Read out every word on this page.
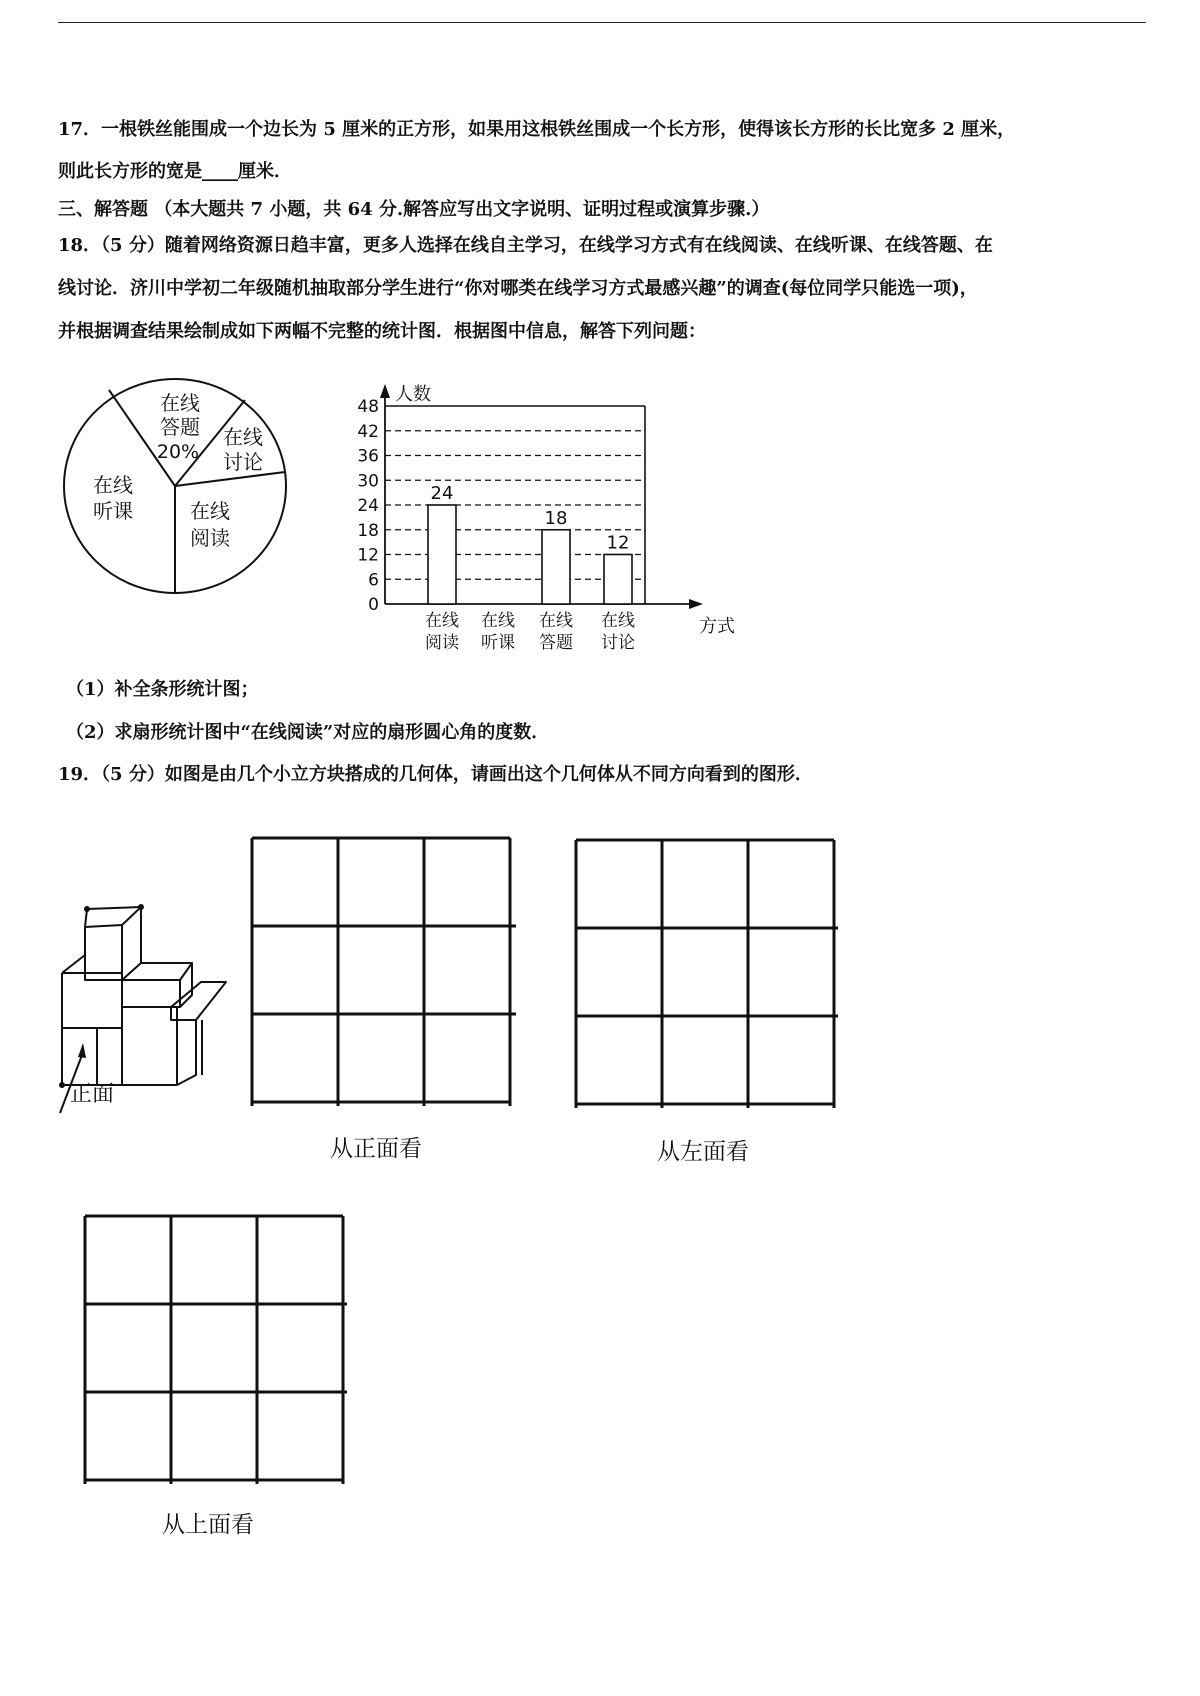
17．一根铁丝能围成一个边长为 5 厘米的正方形，如果用这根铁丝围成一个长方形，使得该长方形的长比宽多 2 厘米，
则此长方形的宽是____厘米．
三、解答题 （本大题共 7 小题，共 64 分.解答应写出文字说明、证明过程或演算步骤.）
18．（5 分）随着网络资源日趋丰富，更多人选择在线自主学习，在线学习方式有在线阅读、在线听课、在线答题、在
线讨论．济川中学初二年级随机抽取部分学生进行“你对哪类在线学习方式最感兴趣”的调查(每位同学只能选一项)，
并根据调查结果绘制成如下两幅不完整的统计图．根据图中信息，解答下列问题：
在线
答题
20%
在线
讨论
在线
阅读
在线
听课
0
6
12
18
24
30
36
42
48
人数
方式
24
在线
阅读
在线
听课
18
在线
答题
12
在线
讨论
（1）补全条形统计图；
（2）求扇形统计图中“在线阅读”对应的扇形圆心角的度数．
19．（5 分）如图是由几个小立方块搭成的几何体，请画出这个几何体从不同方向看到的图形．
正面
从正面看	从左面看
从上面看
